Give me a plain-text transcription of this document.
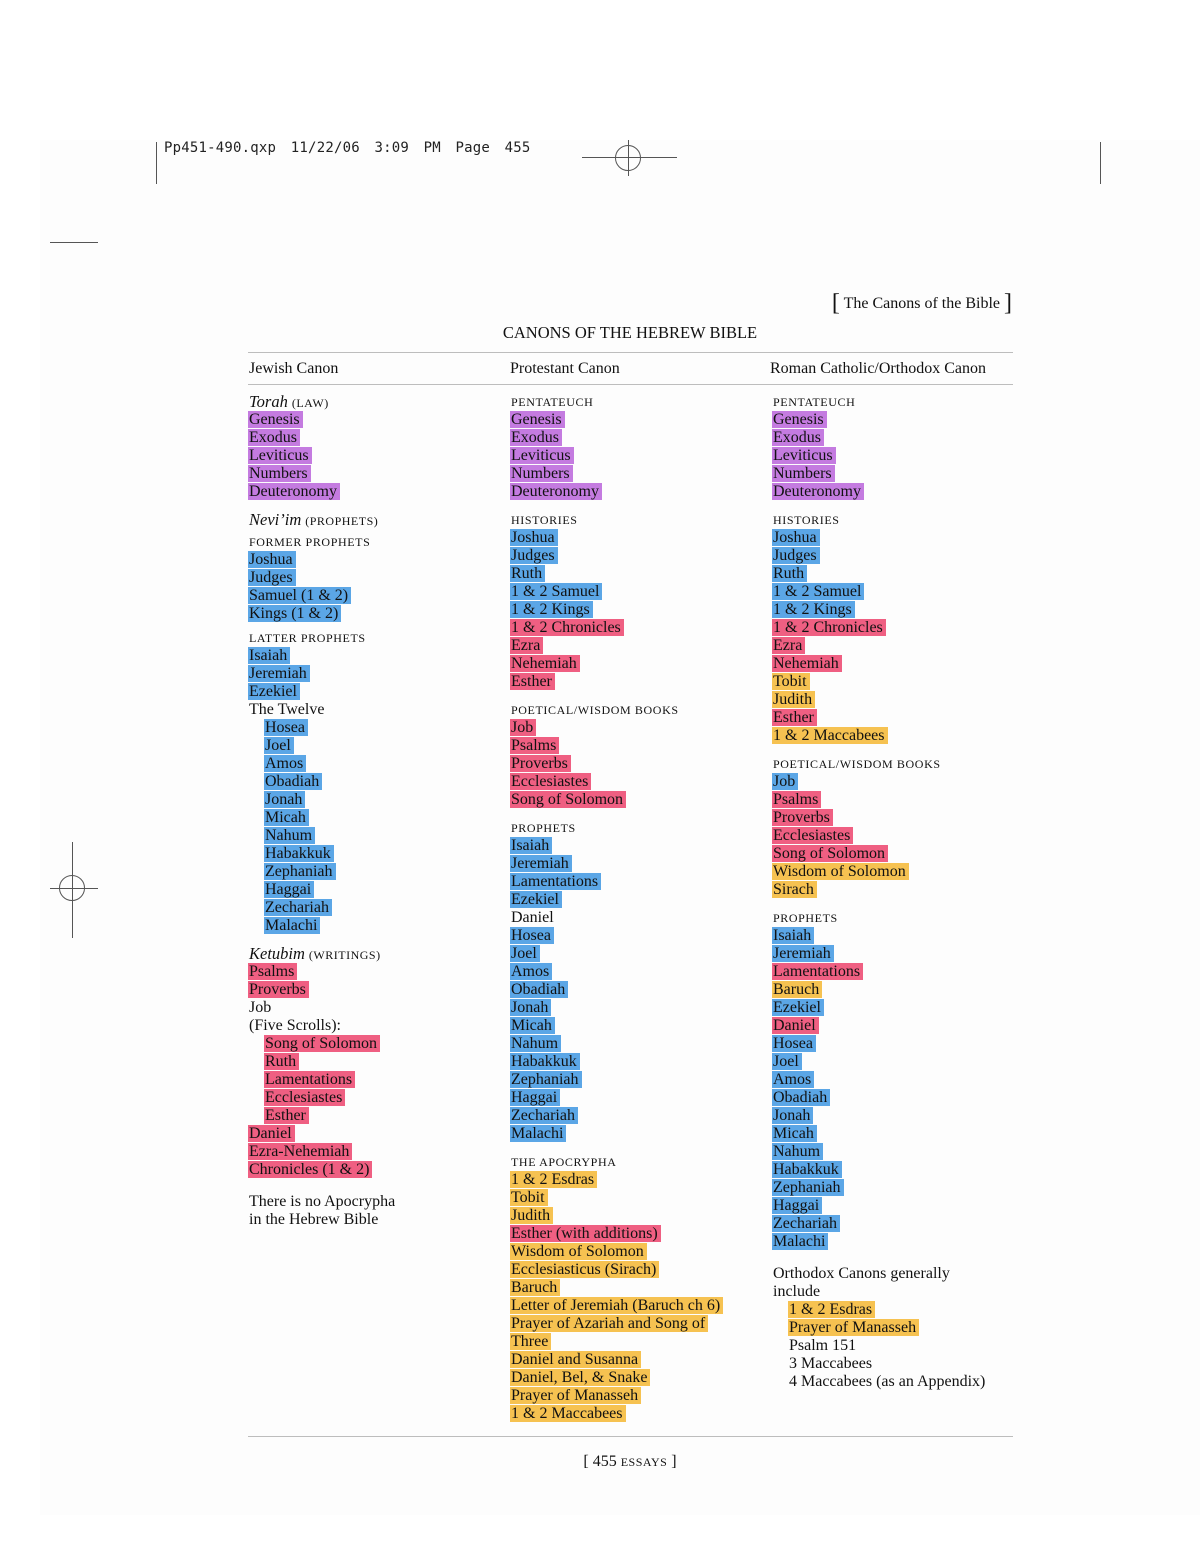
Pp451-490.qxp 11/22/06 3:09 PM Page 455
[ The Canons of the Bible ]
CANONS OF THE HEBREW BIBLE
Jewish Canon	Protestant Canon	Roman Catholic/Orthodox Canon
Torah (LAW)
Genesis
Exodus
Leviticus
Numbers
Deuteronomy
Nevi’im (PROPHETS)
FORMER PROPHETS
Joshua
Judges
Samuel (1 & 2)
Kings (1 & 2)
LATTER PROPHETS
Isaiah
Jeremiah
Ezekiel
The Twelve
Hosea
Joel
Amos
Obadiah
Jonah
Micah
Nahum
Habakkuk
Zephaniah
Haggai
Zechariah
Malachi
Ketubim (WRITINGS)
Psalms
Proverbs
Job
(Five Scrolls):
Song of Solomon
Ruth
Lamentations
Ecclesiastes
Esther
Daniel
Ezra-Nehemiah
Chronicles (1 & 2)
There is no Apocrypha
in the Hebrew Bible
PENTATEUCH
Genesis
Exodus
Leviticus
Numbers
Deuteronomy
HISTORIES
Joshua
Judges
Ruth
1 & 2 Samuel
1 & 2 Kings
1 & 2 Chronicles
Ezra
Nehemiah
Esther
POETICAL/WISDOM BOOKS
Job
Psalms
Proverbs
Ecclesiastes
Song of Solomon
PROPHETS
Isaiah
Jeremiah
Lamentations
Ezekiel
Daniel
Hosea
Joel
Amos
Obadiah
Jonah
Micah
Nahum
Habakkuk
Zephaniah
Haggai
Zechariah
Malachi
THE APOCRYPHA
1 & 2 Esdras
Tobit
Judith
Esther (with additions)
Wisdom of Solomon
Ecclesiasticus (Sirach)
Baruch
Letter of Jeremiah (Baruch ch 6)
Prayer of Azariah and Song of
Three
Daniel and Susanna
Daniel, Bel, & Snake
Prayer of Manasseh
1 & 2 Maccabees
PENTATEUCH
Genesis
Exodus
Leviticus
Numbers
Deuteronomy
HISTORIES
Joshua
Judges
Ruth
1 & 2 Samuel
1 & 2 Kings
1 & 2 Chronicles
Ezra
Nehemiah
Tobit
Judith
Esther
1 & 2 Maccabees
POETICAL/WISDOM BOOKS
Job
Psalms
Proverbs
Ecclesiastes
Song of Solomon
Wisdom of Solomon
Sirach
PROPHETS
Isaiah
Jeremiah
Lamentations
Baruch
Ezekiel
Daniel
Hosea
Joel
Amos
Obadiah
Jonah
Micah
Nahum
Habakkuk
Zephaniah
Haggai
Zechariah
Malachi
Orthodox Canons generally
include
1 & 2 Esdras
Prayer of Manasseh
Psalm 151
3 Maccabees
4 Maccabees (as an Appendix)
[ 455 ESSAYS ]
